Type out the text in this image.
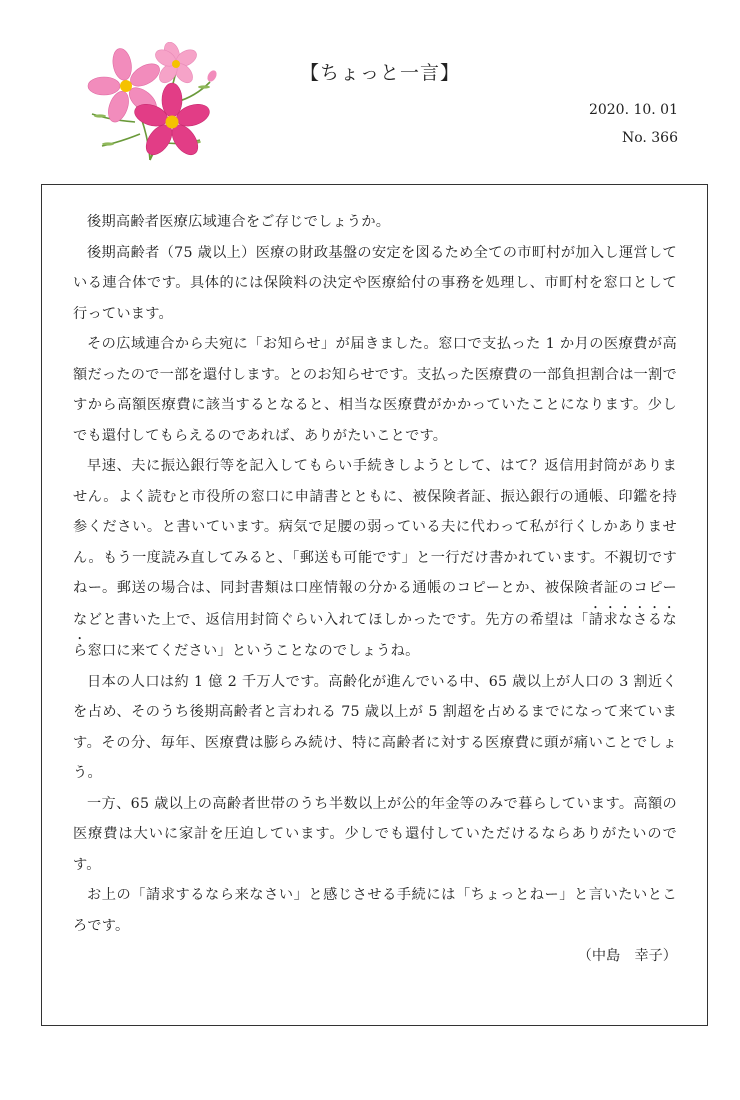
【ちょっと一言】
2020. 10. 01
No. 366

後期高齢者医療広域連合をご存じでしょうか。

後期高齢者（75 歳以上）医療の財政基盤の安定を図るため全ての市町村が加入し運営している連合体です。具体的には保険料の決定や医療給付の事務を処理し、市町村を窓口として行っています。

その広域連合から夫宛に「お知らせ」が届きました。窓口で支払った 1 か月の医療費が高額だったので一部を還付します。とのお知らせです。支払った医療費の一部負担割合は一割ですから高額医療費に該当するとなると、相当な医療費がかかっていたことになります。少しでも還付してもらえるのであれば、ありがたいことです。

早速、夫に振込銀行等を記入してもらい手続きしようとして、はて？返信用封筒がありません。よく読むと市役所の窓口に申請書とともに、被保険者証、振込銀行の通帳、印鑑を持参ください。と書いています。病気で足腰の弱っている夫に代わって私が行くしかありません。もう一度読み直してみると、「郵送も可能です」と一行だけ書かれています。不親切ですねー。郵送の場合は、同封書類は口座情報の分かる通帳のコピーとか、被保険者証のコピーなどと書いた上で、返信用封筒ぐらい入れてほしかったです。先方の希望は「請求なさるなら窓口に来てください」ということなのでしょうね。

日本の人口は約 1 億 2 千万人です。高齢化が進んでいる中、65 歳以上が人口の 3 割近くを占め、そのうち後期高齢者と言われる 75 歳以上が 5 割超を占めるまでになって来ています。その分、毎年、医療費は膨らみ続け、特に高齢者に対する医療費に頭が痛いことでしょう。

一方、65 歳以上の高齢者世帯のうち半数以上が公的年金等のみで暮らしています。高額の医療費は大いに家計を圧迫しています。少しでも還付していただけるならありがたいのです。

お上の「請求するなら来なさい」と感じさせる手続には「ちょっとねー」と言いたいところです。

（中島　幸子）
